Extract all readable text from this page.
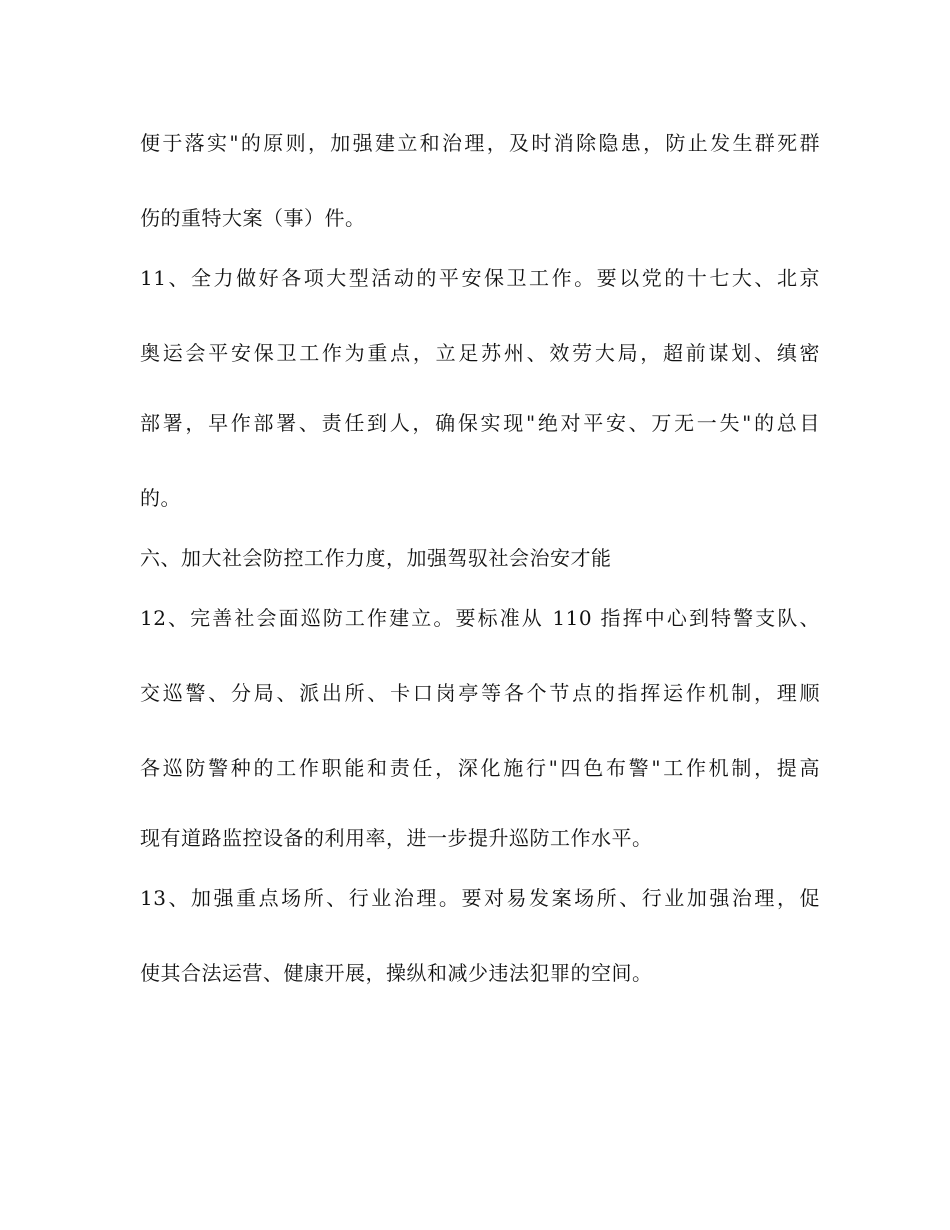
便于落实"的原则，加强建立和治理，及时消除隐患，防止发生群死群
伤的重特大案（事）件。
11、全力做好各项大型活动的平安保卫工作。要以党的十七大、北京
奥运会平安保卫工作为重点，立足苏州、效劳大局，超前谋划、缜密
部署，早作部署、责任到人，确保实现"绝对平安、万无一失"的总目
的。
六、加大社会防控工作力度，加强驾驭社会治安才能
12、完善社会面巡防工作建立。要标准从 110 指挥中心到特警支队、
交巡警、分局、派出所、卡口岗亭等各个节点的指挥运作机制，理顺
各巡防警种的工作职能和责任，深化施行"四色布警"工作机制，提高
现有道路监控设备的利用率，进一步提升巡防工作水平。
13、加强重点场所、行业治理。要对易发案场所、行业加强治理，促
使其合法运营、健康开展，操纵和减少违法犯罪的空间。
